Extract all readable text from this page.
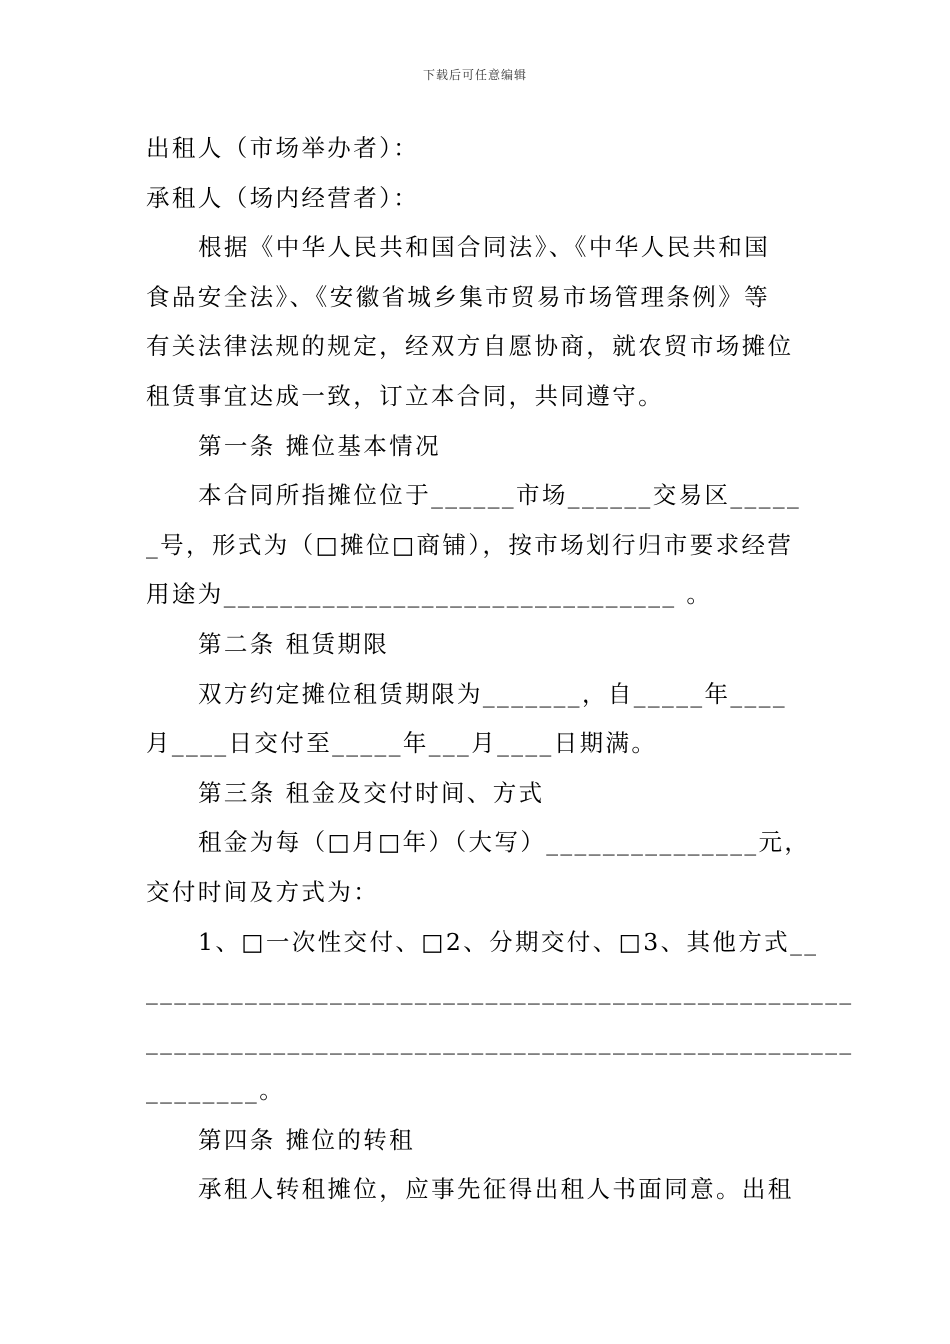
下载后可任意编辑
出租人（市场举办者）：
承租人（场内经营者）：
根据《中华人民共和国合同法》、《中华人民共和国
食品安全法》、《安徽省城乡集市贸易市场管理条例》等
有关法律法规的规定，经双方自愿协商，就农贸市场摊位
租赁事宜达成一致，订立本合同，共同遵守。
第一条 摊位基本情况
本合同所指摊位位于______市场______交易区_____
_号，形式为（□摊位□商铺），按市场划行归市要求经营
用途为________________________________ 。
第二条 租赁期限
双方约定摊位租赁期限为_______，自_____年____
月____日交付至_____年___月____日期满。
第三条 租金及交付时间、方式
租金为每（□月□年）（大写）_______________元，
交付时间及方式为：
1、□一次性交付、□2、分期交付、□3、其他方式__
__________________________________________________
__________________________________________________
________。
第四条 摊位的转租
承租人转租摊位，应事先征得出租人书面同意。出租
